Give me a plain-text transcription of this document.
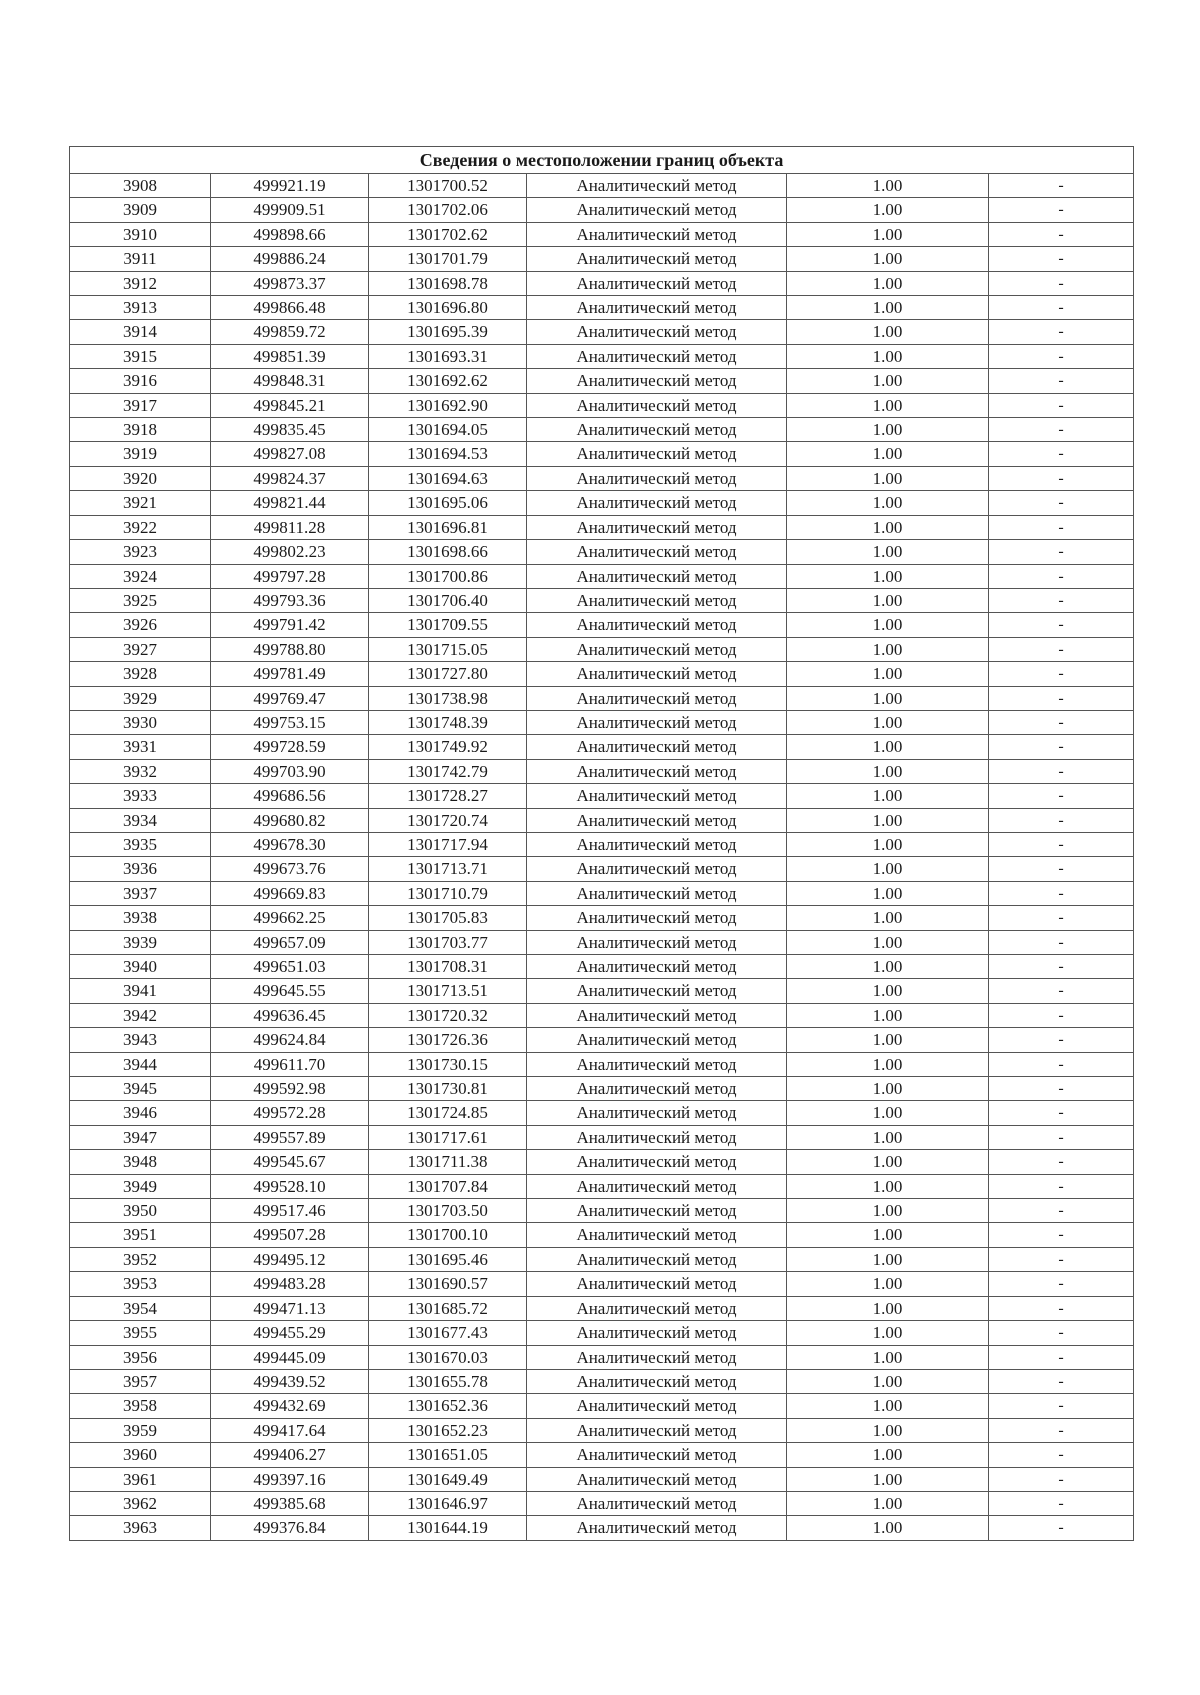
Сведения о местоположении границ объекта					
3908	499921.19	1301700.52	Аналитический метод	1.00	-
3909	499909.51	1301702.06	Аналитический метод	1.00	-
3910	499898.66	1301702.62	Аналитический метод	1.00	-
3911	499886.24	1301701.79	Аналитический метод	1.00	-
3912	499873.37	1301698.78	Аналитический метод	1.00	-
3913	499866.48	1301696.80	Аналитический метод	1.00	-
3914	499859.72	1301695.39	Аналитический метод	1.00	-
3915	499851.39	1301693.31	Аналитический метод	1.00	-
3916	499848.31	1301692.62	Аналитический метод	1.00	-
3917	499845.21	1301692.90	Аналитический метод	1.00	-
3918	499835.45	1301694.05	Аналитический метод	1.00	-
3919	499827.08	1301694.53	Аналитический метод	1.00	-
3920	499824.37	1301694.63	Аналитический метод	1.00	-
3921	499821.44	1301695.06	Аналитический метод	1.00	-
3922	499811.28	1301696.81	Аналитический метод	1.00	-
3923	499802.23	1301698.66	Аналитический метод	1.00	-
3924	499797.28	1301700.86	Аналитический метод	1.00	-
3925	499793.36	1301706.40	Аналитический метод	1.00	-
3926	499791.42	1301709.55	Аналитический метод	1.00	-
3927	499788.80	1301715.05	Аналитический метод	1.00	-
3928	499781.49	1301727.80	Аналитический метод	1.00	-
3929	499769.47	1301738.98	Аналитический метод	1.00	-
3930	499753.15	1301748.39	Аналитический метод	1.00	-
3931	499728.59	1301749.92	Аналитический метод	1.00	-
3932	499703.90	1301742.79	Аналитический метод	1.00	-
3933	499686.56	1301728.27	Аналитический метод	1.00	-
3934	499680.82	1301720.74	Аналитический метод	1.00	-
3935	499678.30	1301717.94	Аналитический метод	1.00	-
3936	499673.76	1301713.71	Аналитический метод	1.00	-
3937	499669.83	1301710.79	Аналитический метод	1.00	-
3938	499662.25	1301705.83	Аналитический метод	1.00	-
3939	499657.09	1301703.77	Аналитический метод	1.00	-
3940	499651.03	1301708.31	Аналитический метод	1.00	-
3941	499645.55	1301713.51	Аналитический метод	1.00	-
3942	499636.45	1301720.32	Аналитический метод	1.00	-
3943	499624.84	1301726.36	Аналитический метод	1.00	-
3944	499611.70	1301730.15	Аналитический метод	1.00	-
3945	499592.98	1301730.81	Аналитический метод	1.00	-
3946	499572.28	1301724.85	Аналитический метод	1.00	-
3947	499557.89	1301717.61	Аналитический метод	1.00	-
3948	499545.67	1301711.38	Аналитический метод	1.00	-
3949	499528.10	1301707.84	Аналитический метод	1.00	-
3950	499517.46	1301703.50	Аналитический метод	1.00	-
3951	499507.28	1301700.10	Аналитический метод	1.00	-
3952	499495.12	1301695.46	Аналитический метод	1.00	-
3953	499483.28	1301690.57	Аналитический метод	1.00	-
3954	499471.13	1301685.72	Аналитический метод	1.00	-
3955	499455.29	1301677.43	Аналитический метод	1.00	-
3956	499445.09	1301670.03	Аналитический метод	1.00	-
3957	499439.52	1301655.78	Аналитический метод	1.00	-
3958	499432.69	1301652.36	Аналитический метод	1.00	-
3959	499417.64	1301652.23	Аналитический метод	1.00	-
3960	499406.27	1301651.05	Аналитический метод	1.00	-
3961	499397.16	1301649.49	Аналитический метод	1.00	-
3962	499385.68	1301646.97	Аналитический метод	1.00	-
3963	499376.84	1301644.19	Аналитический метод	1.00	-
